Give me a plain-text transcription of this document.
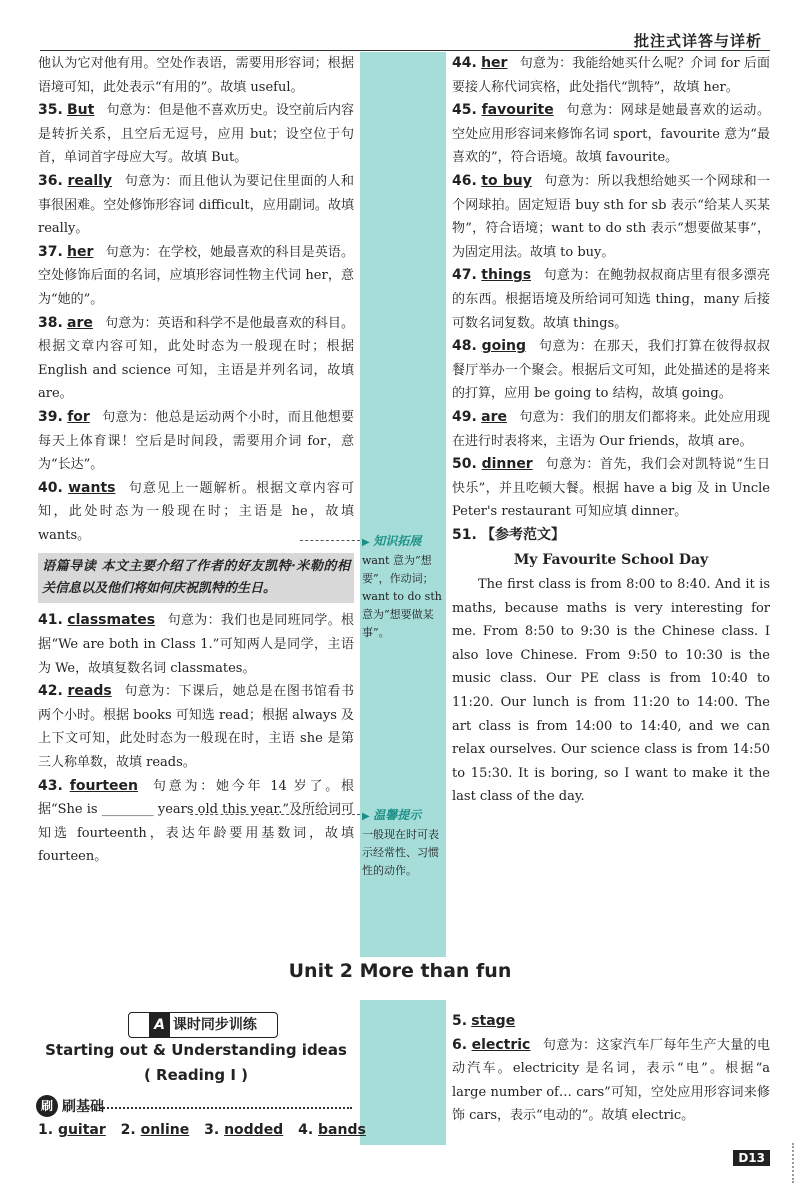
批注式详答与详析

他认为它对他有用。空处作表语，需要用形容词；根据语境可知，此处表示“有用的”。故填 useful。

35. But 句意为：但是他不喜欢历史。设空前后内容是转折关系，且空后无逗号，应用 but；设空位于句首，单词首字母应大写。故填 But。

36. really 句意为：而且他认为要记住里面的人和事很困难。空处修饰形容词 difficult，应用副词。故填 really。

37. her 句意为：在学校，她最喜欢的科目是英语。空处修饰后面的名词，应填形容词性物主代词 her，意为“她的”。

38. are 句意为：英语和科学不是他最喜欢的科目。根据文章内容可知，此处时态为一般现在时；根据 English and science 可知，主语是并列名词，故填 are。

39. for 句意为：他总是运动两个小时，而且他想要每天上体育课！空后是时间段，需要用介词 for，意为“长达”。

40. wants 句意见上一题解析。根据文章内容可知，此处时态为一般现在时；主语是 he，故填 wants。

语篇导读 本文主要介绍了作者的好友凯特·米勒的相关信息以及他们将如何庆祝凯特的生日。

41. classmates 句意为：我们也是同班同学。根据“We are both in Class 1.”可知两人是同学，主语为 We，故填复数名词 classmates。

42. reads 句意为：下课后，她总是在图书馆看书两个小时。根据 books 可知选 read；根据 always 及上下文可知，此处时态为一般现在时，主语 she 是第三人称单数，故填 reads。

43. fourteen 句意为：她今年 14 岁了。根据“She is ________ years old this year.”及所给词可知选 fourteenth，表达年龄要用基数词，故填 fourteen。

▶ 知识拓展
want 意为“想要”，作动词；want to do sth 意为“想要做某事”。
▶ 温馨提示
一般现在时可表示经常性、习惯性的动作。

44. her 句意为：我能给她买什么呢？介词 for 后面要接人称代词宾格，此处指代“凯特”，故填 her。

45. favourite 句意为：网球是她最喜欢的运动。空处应用形容词来修饰名词 sport，favourite 意为“最喜欢的”，符合语境。故填 favourite。

46. to buy 句意为：所以我想给她买一个网球和一个网球拍。固定短语 buy sth for sb 表示“给某人买某物”，符合语境；want to do sth 表示“想要做某事”，为固定用法。故填 to buy。

47. things 句意为：在鲍勃叔叔商店里有很多漂亮的东西。根据语境及所给词可知选 thing，many 后接可数名词复数。故填 things。

48. going 句意为：在那天，我们打算在彼得叔叔餐厅举办一个聚会。根据后文可知，此处描述的是将来的打算，应用 be going to 结构，故填 going。

49. are 句意为：我们的朋友们都将来。此处应用现在进行时表将来，主语为 Our friends，故填 are。

50. dinner 句意为：首先，我们会对凯特说“生日快乐”，并且吃顿大餐。根据 have a big 及 in Uncle Peter's restaurant 可知应填 dinner。

51. 【参考范文】

My Favourite School Day

The first class is from 8:00 to 8:40. And it is maths, because maths is very interesting for me. From 8:50 to 9:30 is the Chinese class. I also love Chinese. From 9:50 to 10:30 is the music class. Our PE class is from 10:40 to 11:20. Our lunch is from 11:20 to 14:00. The art class is from 14:00 to 14:40, and we can relax ourselves. Our science class is from 14:50 to 15:30. It is boring, so I want to make it the last class of the day.

Unit 2 More than fun
A 课时同步训练
Starting out & Understanding ideas
( Reading Ⅰ )
刷 刷基础
1. guitar 2. online 3. nodded 4. bands

5. stage

6. electric 句意为：这家汽车厂每年生产大量的电动汽车。electricity 是名词，表示“电”。根据“a large number of… cars”可知，空处应用形容词来修饰 cars，表示“电动的”。故填 electric。

D13
